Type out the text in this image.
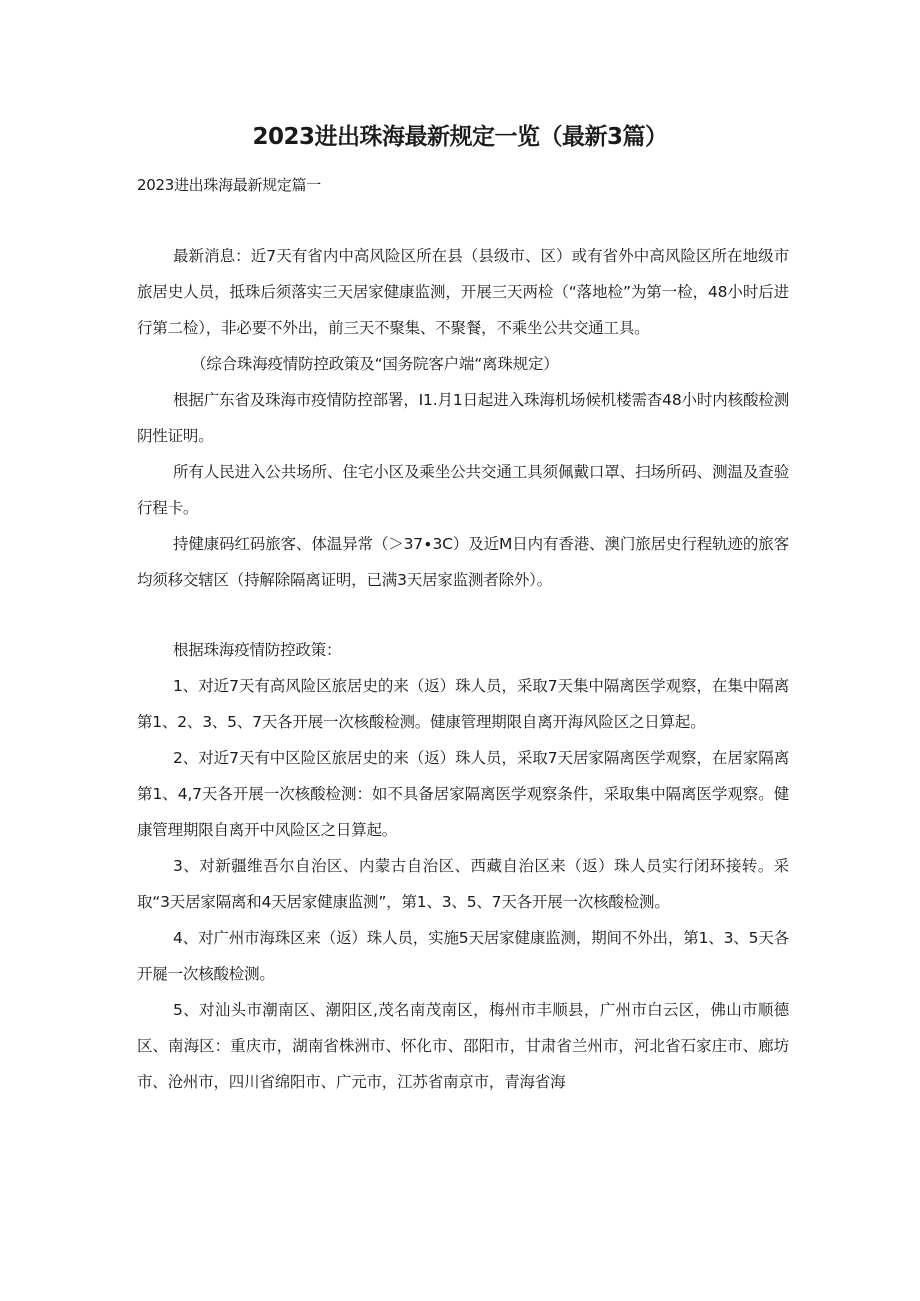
2023进出珠海最新规定一览（最新3篇）
2023进出珠海最新规定篇一

最新消息：近7天有省内中高风险区所在县（县级市、区）或有省外中高风险区所在地级市旅居史人员，抵珠后须落实三天居家健康监测，开展三天两检（“落地检”为第一检，48小时后进行第二检），非必要不外出，前三天不聚集、不聚餐，不乘坐公共交通工具。

（综合珠海疫情防控政策及“国务院客户端“离珠规定）

根据广东省及珠海市疫情防控部署，I1.月1日起进入珠海机场候机楼需杳48小时内核酸检测阴性证明。

所有人民进入公共场所、住宅小区及乘坐公共交通工具须佩戴口罩、扫场所码、测温及查验行程卡。

持健康码红码旅客、体温异常（＞37∙3C）及近M日内有香港、澳门旅居史行程轨迹的旅客均须移交辖区（持解除隔离证明，已满3天居家监测者除外）。

根据珠海疫情防控政策：

1、对近7天有高风险区旅居史的来（返）珠人员，采取7天集中隔离医学观察，在集中隔离第1、2、3、5、7天各开展一次核酸检测。健康管理期限自离开海风险区之日算起。

2、对近7天有中区险区旅居史的来（返）珠人员，采取7天居家隔离医学观察，在居家隔离第1、4,7天各开展一次核酸检测：如不具备居家隔离医学观察条件，采取集中隔离医学观察。健康管理期限自离开中风险区之日算起。

3、对新疆维吾尔自治区、内蒙古自治区、西藏自治区来（返）珠人员实行闭环接转。采取“3天居家隔离和4天居家健康监测”，第1、3、5、7天各开展一次核酸检测。

4、对广州市海珠区来（返）珠人员，实施5天居家健康监测，期间不外出，第1、3、5天各开屣一次核酸检测。

5、对汕头市潮南区、潮阳区,茂名南茂南区，梅州市丰顺县，广州市白云区，佛山市顺德区、南海区：重庆市，湖南省株洲市、怀化市、邵阳市，甘肃省兰州市，河北省石家庄市、廊坊市、沧州市，四川省绵阳市、广元市，江苏省南京市，青海省海
